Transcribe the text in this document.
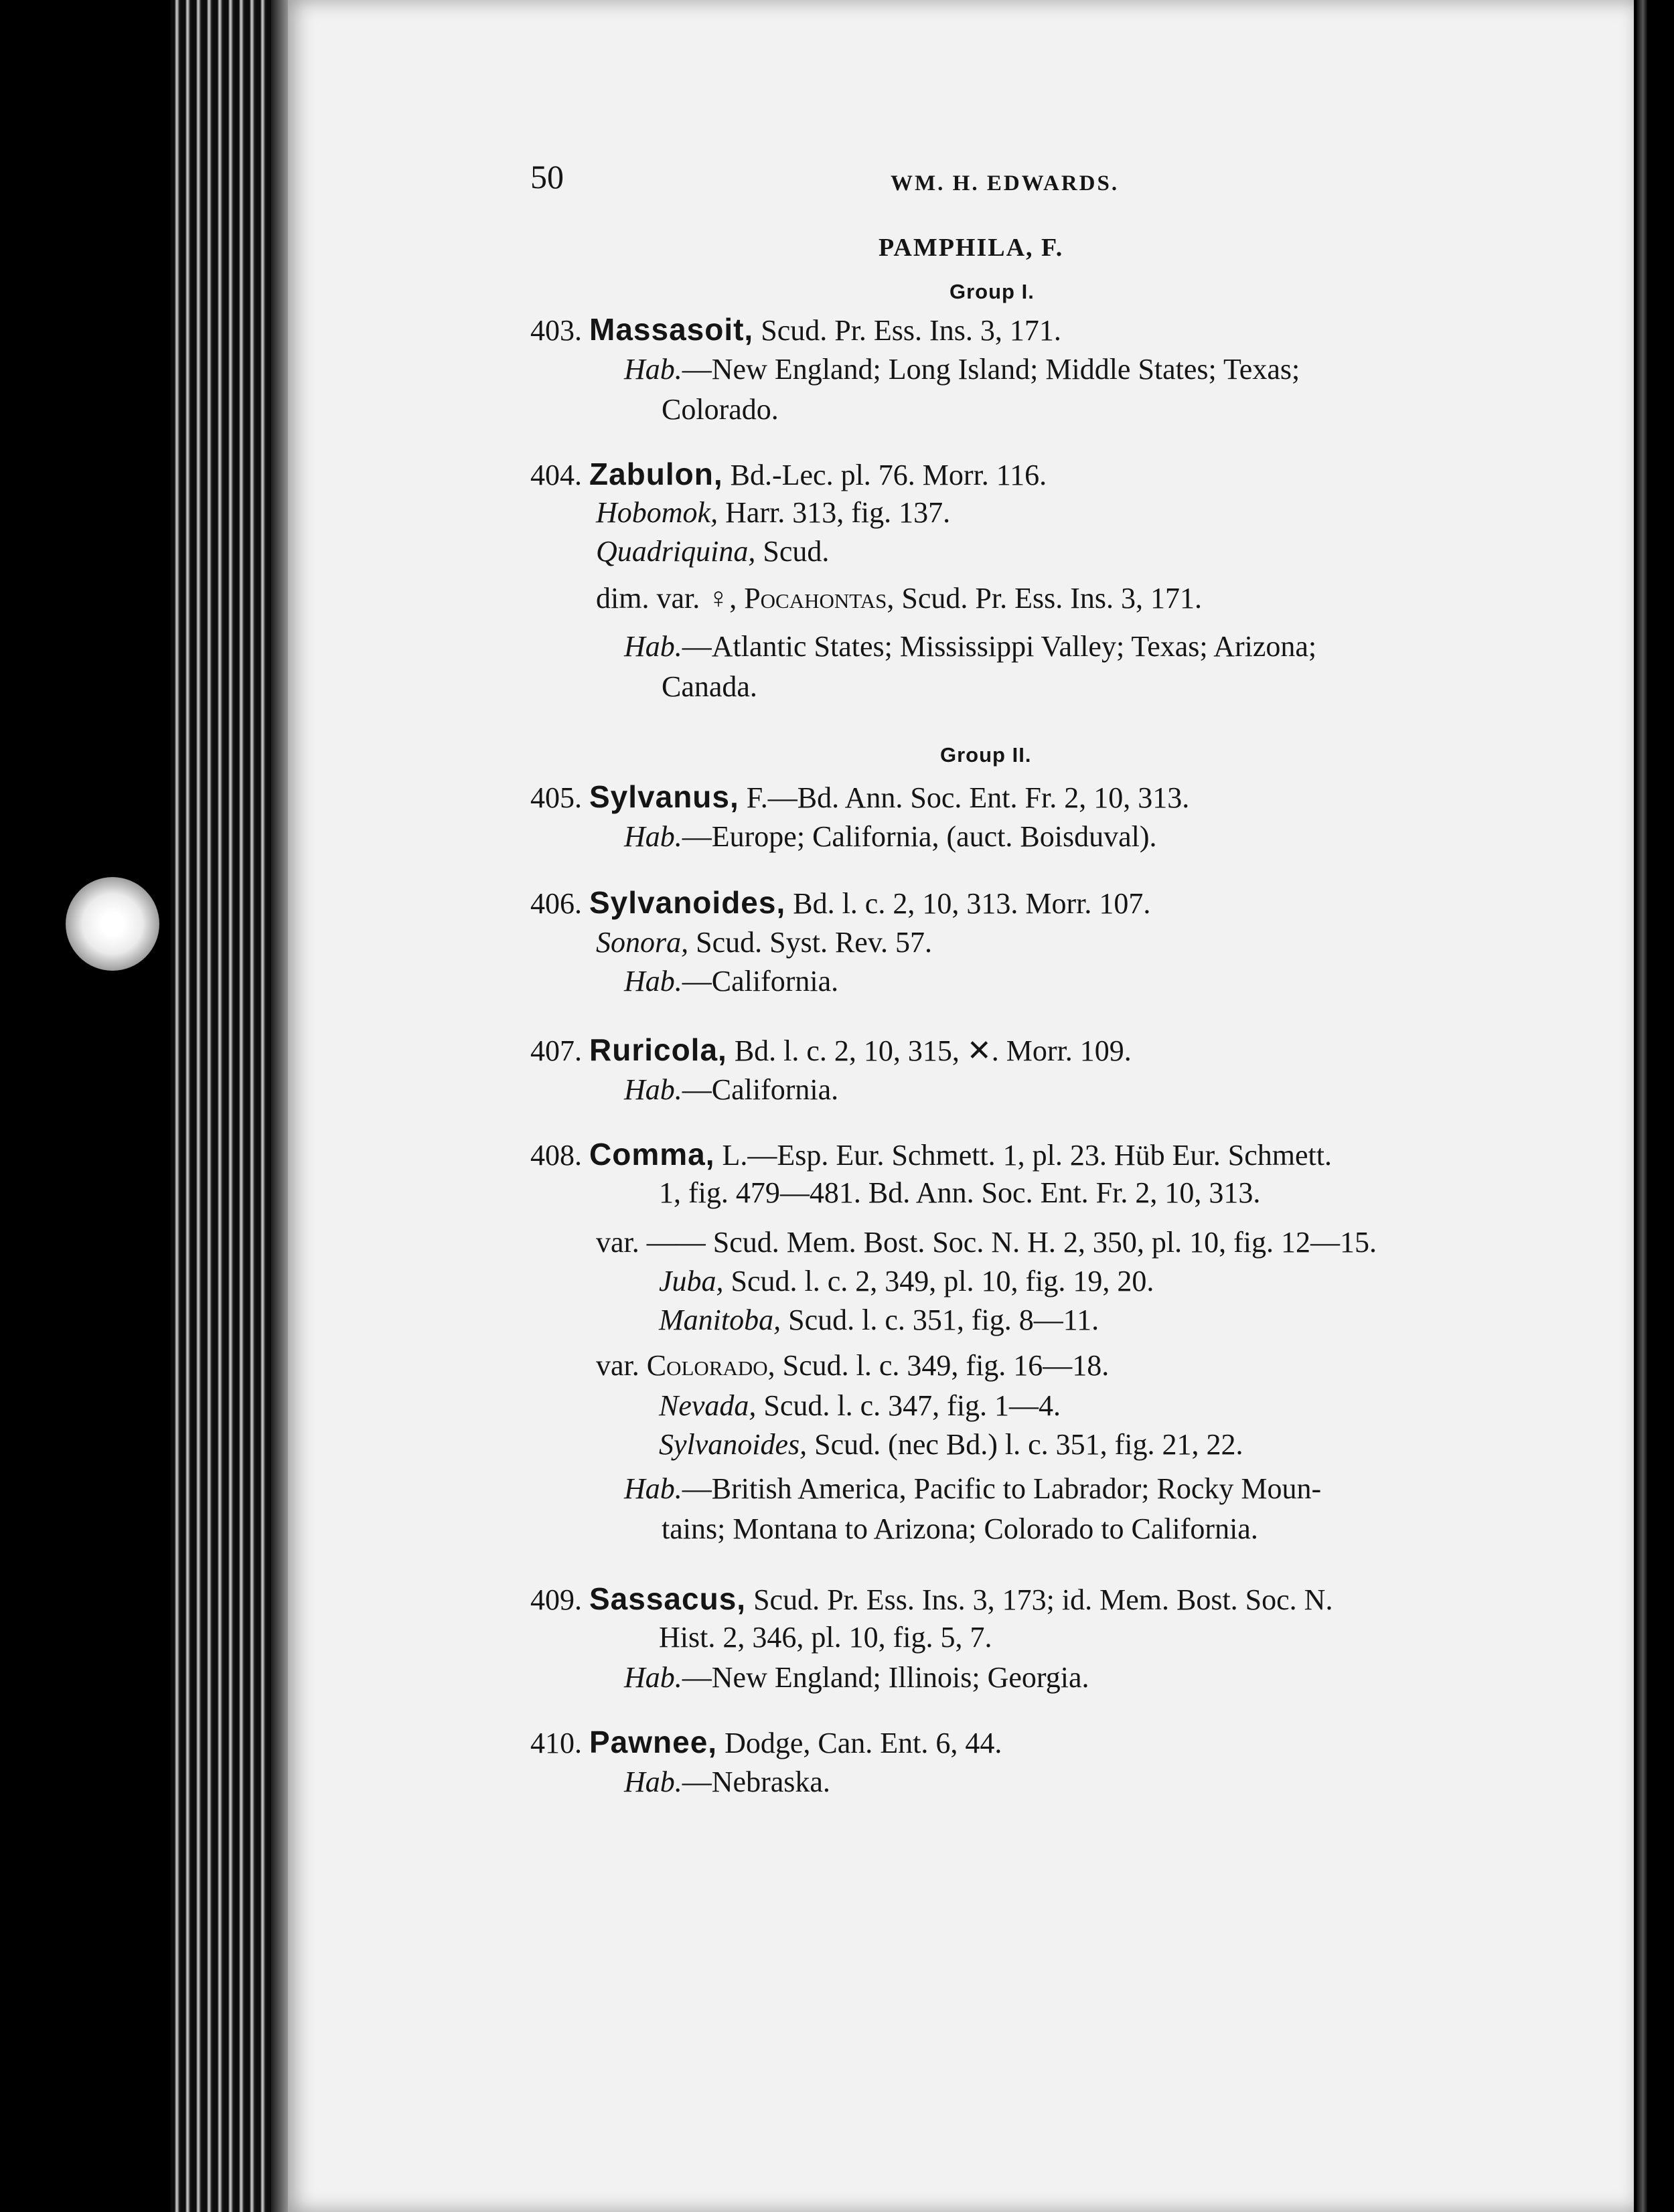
50	WM. H. EDWARDS.
PAMPHILA, F.
Group I.
403. Massasoit, Scud. Pr. Ess. Ins. 3, 171.
Hab.—New England; Long Island; Middle States; Texas;
Colorado.
404. Zabulon, Bd.-Lec. pl. 76. Morr. 116.
Hobomok, Harr. 313, fig. 137.
Quadriquina, Scud.
dim. var. ♀, Pocahontas, Scud. Pr. Ess. Ins. 3, 171.
Hab.—Atlantic States; Mississippi Valley; Texas; Arizona;
Canada.
Group II.
405. Sylvanus, F.—Bd. Ann. Soc. Ent. Fr. 2, 10, 313.
Hab.—Europe; California, (auct. Boisduval).
406. Sylvanoides, Bd. l. c. 2, 10, 313. Morr. 107.
Sonora, Scud. Syst. Rev. 57.
Hab.—California.
407. Ruricola, Bd. l. c. 2, 10, 315, ✕. Morr. 109.
Hab.—California.
408. Comma, L.—Esp. Eur. Schmett. 1, pl. 23. Hüb Eur. Schmett.
1, fig. 479—481. Bd. Ann. Soc. Ent. Fr. 2, 10, 313.
var. —— Scud. Mem. Bost. Soc. N. H. 2, 350, pl. 10, fig. 12—15.
Juba, Scud. l. c. 2, 349, pl. 10, fig. 19, 20.
Manitoba, Scud. l. c. 351, fig. 8—11.
var. Colorado, Scud. l. c. 349, fig. 16—18.
Nevada, Scud. l. c. 347, fig. 1—4.
Sylvanoides, Scud. (nec Bd.) l. c. 351, fig. 21, 22.
Hab.—British America, Pacific to Labrador; Rocky Moun-
tains; Montana to Arizona; Colorado to California.
409. Sassacus, Scud. Pr. Ess. Ins. 3, 173; id. Mem. Bost. Soc. N.
Hist. 2, 346, pl. 10, fig. 5, 7.
Hab.—New England; Illinois; Georgia.
410. Pawnee, Dodge, Can. Ent. 6, 44.
Hab.—Nebraska.
